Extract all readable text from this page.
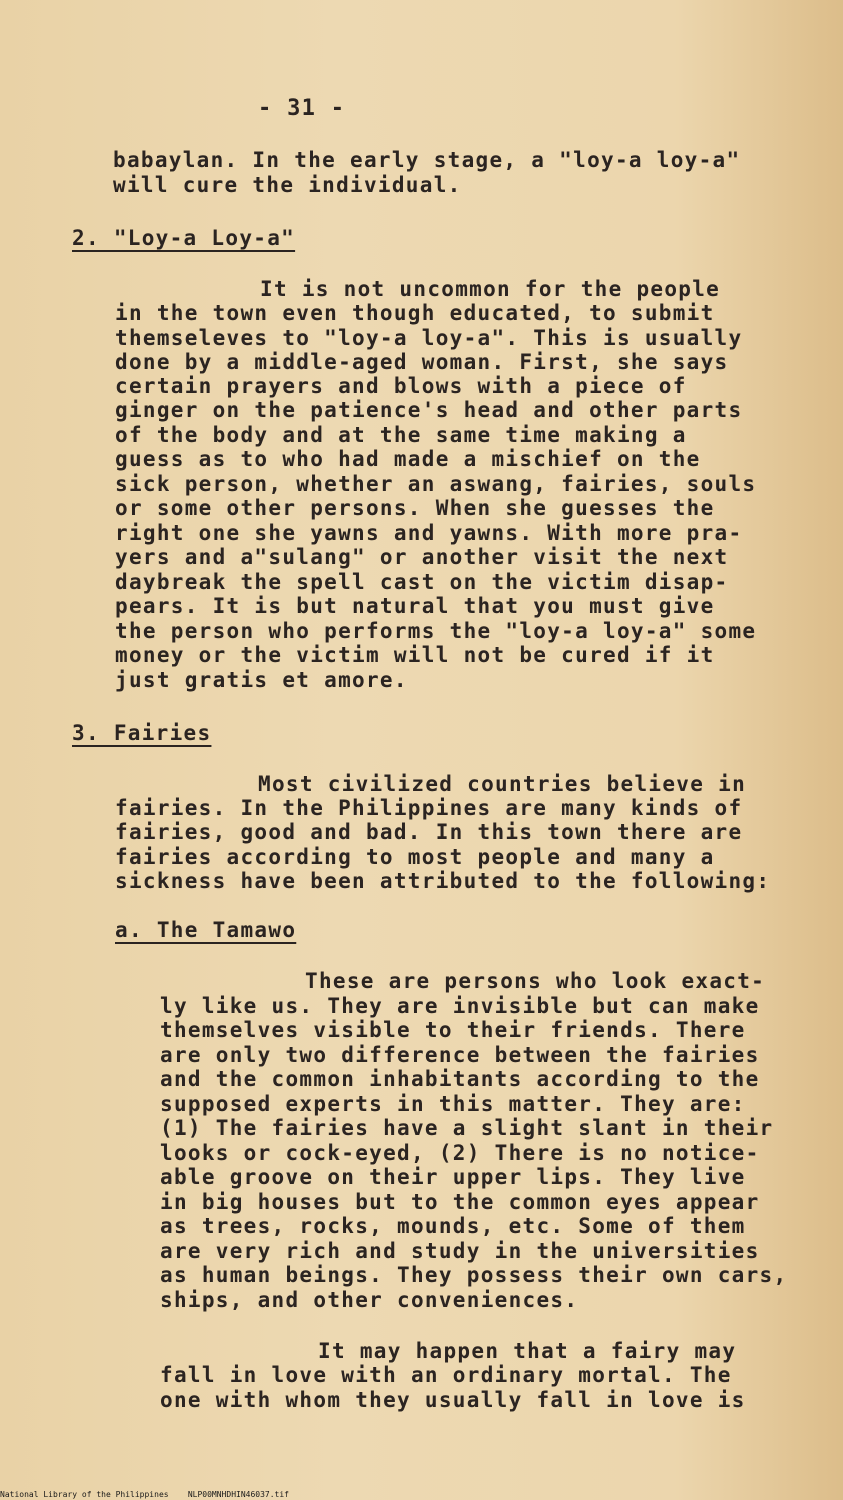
- 31 -
babaylan. In the early stage, a "loy-a loy-a"
will cure the individual.
2. "Loy-a Loy-a"
It is not uncommon for the people
in the town even though educated, to submit
themseleves to "loy-a loy-a". This is usually
done by a middle-aged woman. First, she says
certain prayers and blows with a piece of
ginger on the patience's head and other parts
of the body and at the same time making a
guess as to who had made a mischief on the
sick person, whether an aswang, fairies, souls
or some other persons. When she guesses the
right one she yawns and yawns. With more pra-
yers and a"sulang" or another visit the next
daybreak the spell cast on the victim disap-
pears. It is but natural that you must give
the person who performs the "loy-a loy-a" some
money or the victim will not be cured if it
just gratis et amore.
3. Fairies
Most civilized countries believe in
fairies. In the Philippines are many kinds of
fairies, good and bad. In this town there are
fairies according to most people and many a
sickness have been attributed to the following:
a. The Tamawo
These are persons who look exact-
ly like us. They are invisible but can make
themselves visible to their friends. There
are only two difference between the fairies
and the common inhabitants according to the
supposed experts in this matter. They are:
(1) The fairies have a slight slant in their
looks or cock-eyed, (2) There is no notice-
able groove on their upper lips. They live
in big houses but to the common eyes appear
as trees, rocks, mounds, etc. Some of them
are very rich and study in the universities
as human beings. They possess their own cars,
ships, and other conveniences.
It may happen that a fairy may
fall in love with an ordinary mortal. The
one with whom they usually fall in love is
National Library of the Philippines    NLP00MNHDHIN46037.tif
